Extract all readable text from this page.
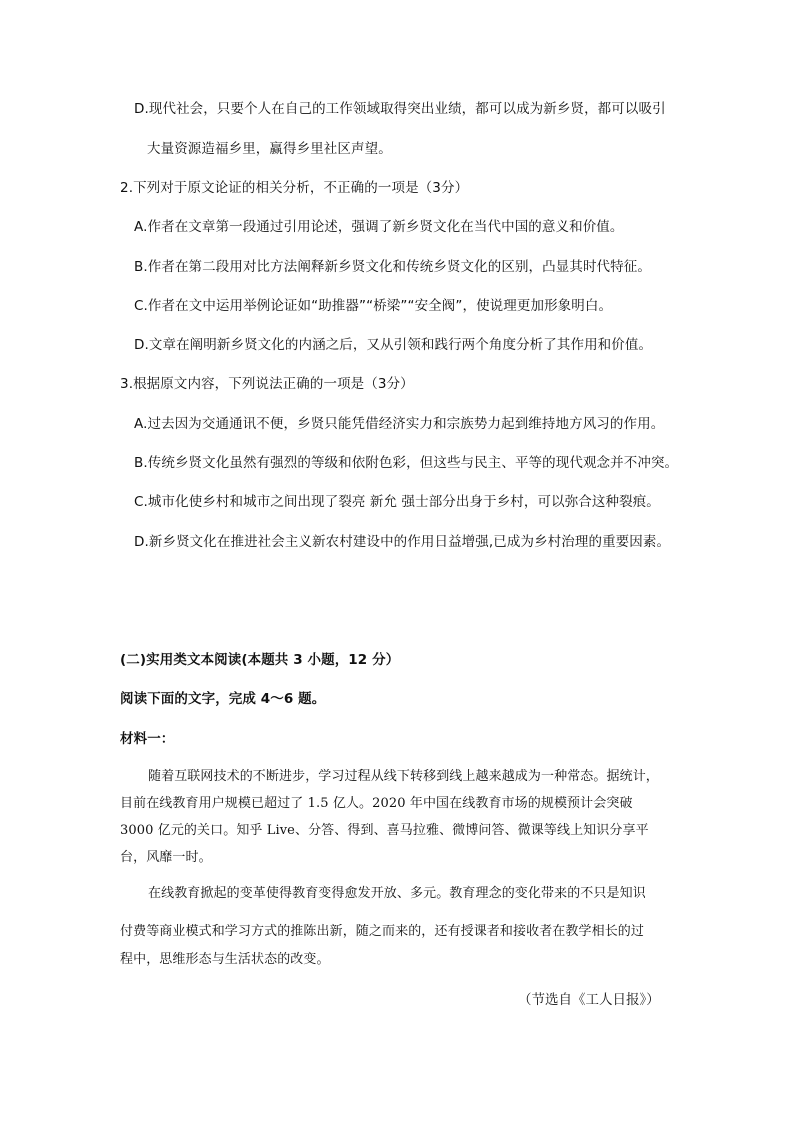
D.现代社会，只要个人在自己的工作领域取得突出业绩，都可以成为新乡贤，都可以吸引
大量资源造福乡里，赢得乡里社区声望。
2.下列对于原文论证的相关分析，不正确的一项是（3分）
A.作者在文章第一段通过引用论述，强调了新乡贤文化在当代中国的意义和价值。
B.作者在第二段用对比方法阐释新乡贤文化和传统乡贤文化的区别，凸显其时代特征。
C.作者在文中运用举例论证如“助推器”“桥梁”“安全阀”，使说理更加形象明白。
D.文章在阐明新乡贤文化的内涵之后，又从引领和践行两个角度分析了其作用和价值。
3.根据原文内容，下列说法正确的一项是（3分）
A.过去因为交通通讯不便，乡贤只能凭借经济实力和宗族势力起到维持地方风习的作用。
B.传统乡贤文化虽然有强烈的等级和依附色彩，但这些与民主、平等的现代观念并不冲突。
C.城市化使乡村和城市之间出现了裂亮 新允 强士部分出身于乡村，可以弥合这种裂痕。
D.新乡贤文化在推进社会主义新农村建设中的作用日益增强,已成为乡村治理的重要因素。
(二)实用类文本阅读(本题共 3 小题，12 分）
阅读下面的文字，完成 4～6 题。
材料一：
随着互联网技术的不断进步，学习过程从线下转移到线上越来越成为一种常态。据统计，
目前在线教育用户规模已超过了 1.5 亿人。2020 年中国在线教育市场的规模预计会突破
3000 亿元的关口。知乎 Live、分答、得到、喜马拉雅、微博问答、微课等线上知识分享平
台，风靡一时。
在线教育掀起的变革使得教育变得愈发开放、多元。教育理念的变化带来的不只是知识
付费等商业模式和学习方式的推陈出新，随之而来的，还有授课者和接收者在教学相长的过
程中，思维形态与生活状态的改变。
（节选自《工人日报》）
